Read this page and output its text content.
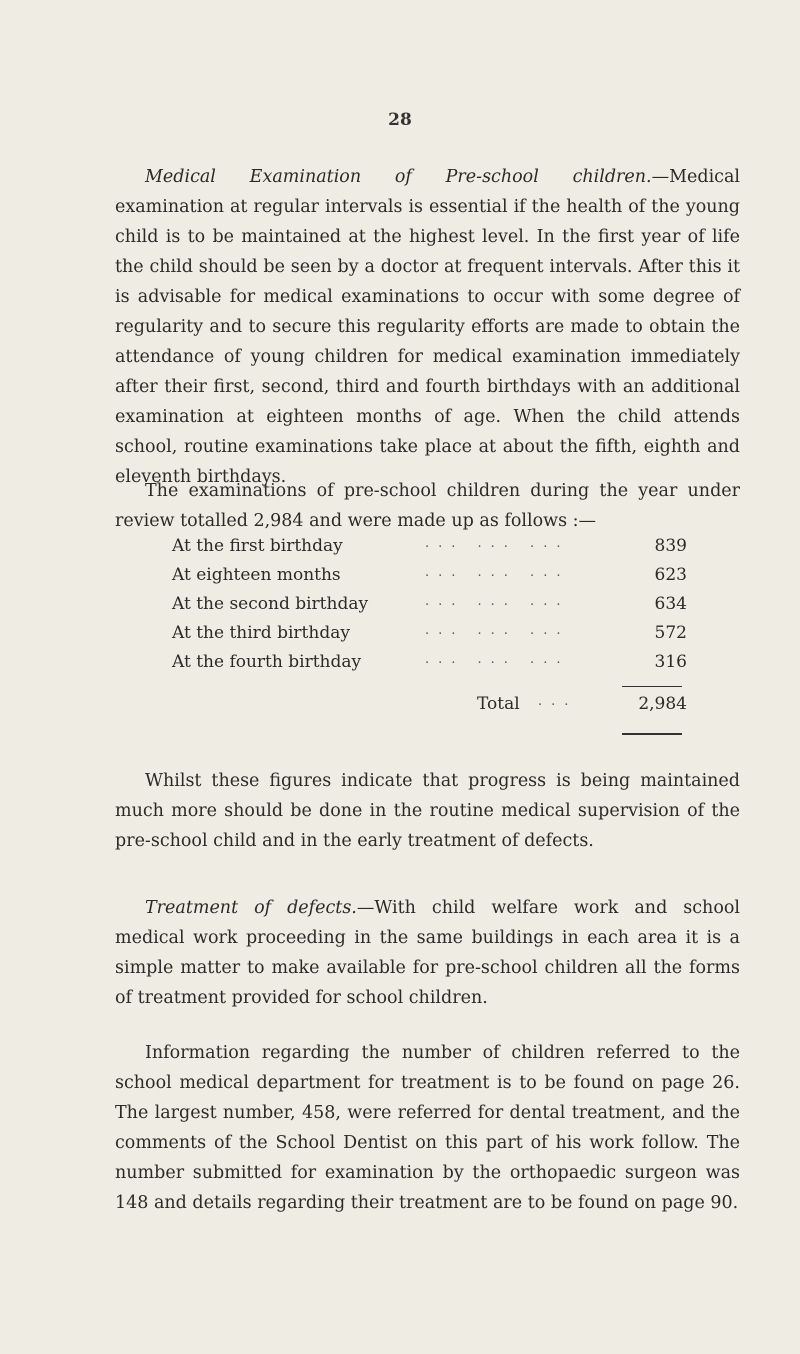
28

Medical Examination of Pre-school children.—Medical examination at regular intervals is essential if the health of the young child is to be maintained at the highest level. In the first year of life the child should be seen by a doctor at frequent intervals. After this it is advisable for medical examinations to occur with some degree of regularity and to secure this regularity efforts are made to obtain the attendance of young children for medical examination immediately after their first, second, third and fourth birthdays with an additional examination at eighteen months of age. When the child attends school, routine examinations take place at about the fifth, eighth and eleventh birthdays.

The examinations of pre-school children during the year under review totalled 2,984 and were made up as follows :—

At the first birthday	... ... ...	839
At eighteen months	... ... ...	623
At the second birthday	... ... ...	634
At the third birthday	... ... ...	572
At the fourth birthday	... ... ...	316
Total ...	2,984

Whilst these figures indicate that progress is being maintained much more should be done in the routine medical supervision of the pre-school child and in the early treatment of defects.

Treatment of defects.—With child welfare work and school medical work proceeding in the same buildings in each area it is a simple matter to make available for pre-school children all the forms of treatment provided for school children.

Information regarding the number of children referred to the school medical department for treatment is to be found on page 26. The largest number, 458, were referred for dental treatment, and the comments of the School Dentist on this part of his work follow. The number submitted for examination by the orthopaedic surgeon was 148 and details regarding their treatment are to be found on page 90.
